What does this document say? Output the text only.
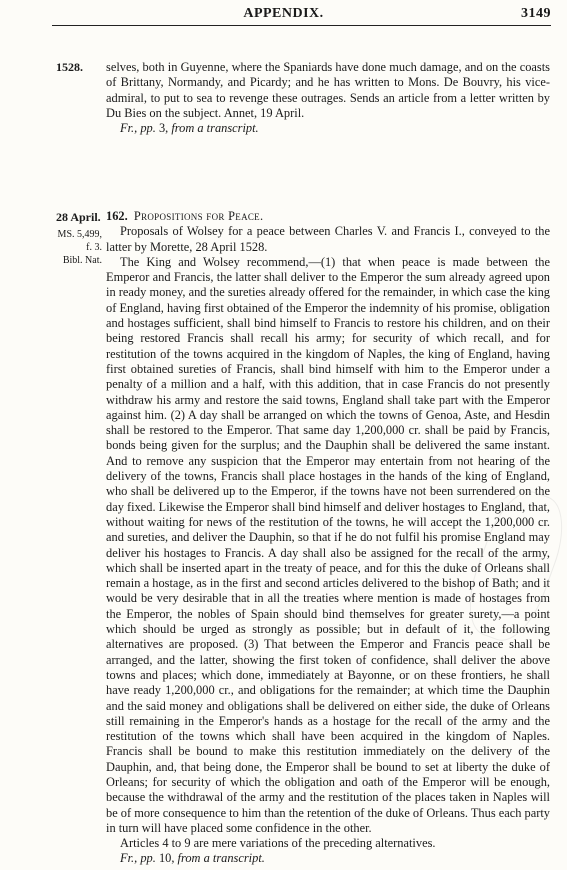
APPENDIX.	3149
1528. selves, both in Guyenne, where the Spaniards have done much damage, and on the coasts of Brittany, Normandy, and Picardy; and he has written to Mons. De Bouvry, his vice-admiral, to put to sea to revenge these outrages. Sends an article from a letter written by Du Bies on the subject. Annet, 19 April.

Fr., pp. 3, from a transcript.

28 April.
MS. 5,499,
f. 3.
Bibl. Nat.

162. Propositions for Peace.

Proposals of Wolsey for a peace between Charles V. and Francis I., conveyed to the latter by Morette, 28 April 1528.

The King and Wolsey recommend,—(1) that when peace is made between the Emperor and Francis, the latter shall deliver to the Emperor the sum already agreed upon in ready money, and the sureties already offered for the remainder, in which case the king of England, having first obtained of the Emperor the indemnity of his promise, obligation and hostages sufficient, shall bind himself to Francis to restore his children, and on their being restored Francis shall recall his army; for security of which recall, and for restitution of the towns acquired in the kingdom of Naples, the king of England, having first obtained sureties of Francis, shall bind himself with him to the Emperor under a penalty of a million and a half, with this addition, that in case Francis do not presently withdraw his army and restore the said towns, England shall take part with the Emperor against him. (2) A day shall be arranged on which the towns of Genoa, Aste, and Hesdin shall be restored to the Emperor. That same day 1,200,000 cr. shall be paid by Francis, bonds being given for the surplus; and the Dauphin shall be delivered the same instant. And to remove any suspicion that the Emperor may entertain from not hearing of the delivery of the towns, Francis shall place hostages in the hands of the king of England, who shall be delivered up to the Emperor, if the towns have not been surrendered on the day fixed. Likewise the Emperor shall bind himself and deliver hostages to England, that, without waiting for news of the restitution of the towns, he will accept the 1,200,000 cr. and sureties, and deliver the Dauphin, so that if he do not fulfil his promise England may deliver his hostages to Francis. A day shall also be assigned for the recall of the army, which shall be inserted apart in the treaty of peace, and for this the duke of Orleans shall remain a hostage, as in the first and second articles delivered to the bishop of Bath; and it would be very desirable that in all the treaties where mention is made of hostages from the Emperor, the nobles of Spain should bind themselves for greater surety,—a point which should be urged as strongly as possible; but in default of it, the following alternatives are proposed. (3) That between the Emperor and Francis peace shall be arranged, and the latter, showing the first token of confidence, shall deliver the above towns and places; which done, immediately at Bayonne, or on these frontiers, he shall have ready 1,200,000 cr., and obligations for the remainder; at which time the Dauphin and the said money and obligations shall be delivered on either side, the duke of Orleans still remaining in the Emperor's hands as a hostage for the recall of the army and the restitution of the towns which shall have been acquired in the kingdom of Naples. Francis shall be bound to make this restitution immediately on the delivery of the Dauphin, and, that being done, the Emperor shall be bound to set at liberty the duke of Orleans; for security of which the obligation and oath of the Emperor will be enough, because the withdrawal of the army and the restitution of the places taken in Naples will be of more consequence to him than the retention of the duke of Orleans. Thus each party in turn will have placed some confidence in the other.

Articles 4 to 9 are mere variations of the preceding alternatives.

Fr., pp. 10, from a transcript.
